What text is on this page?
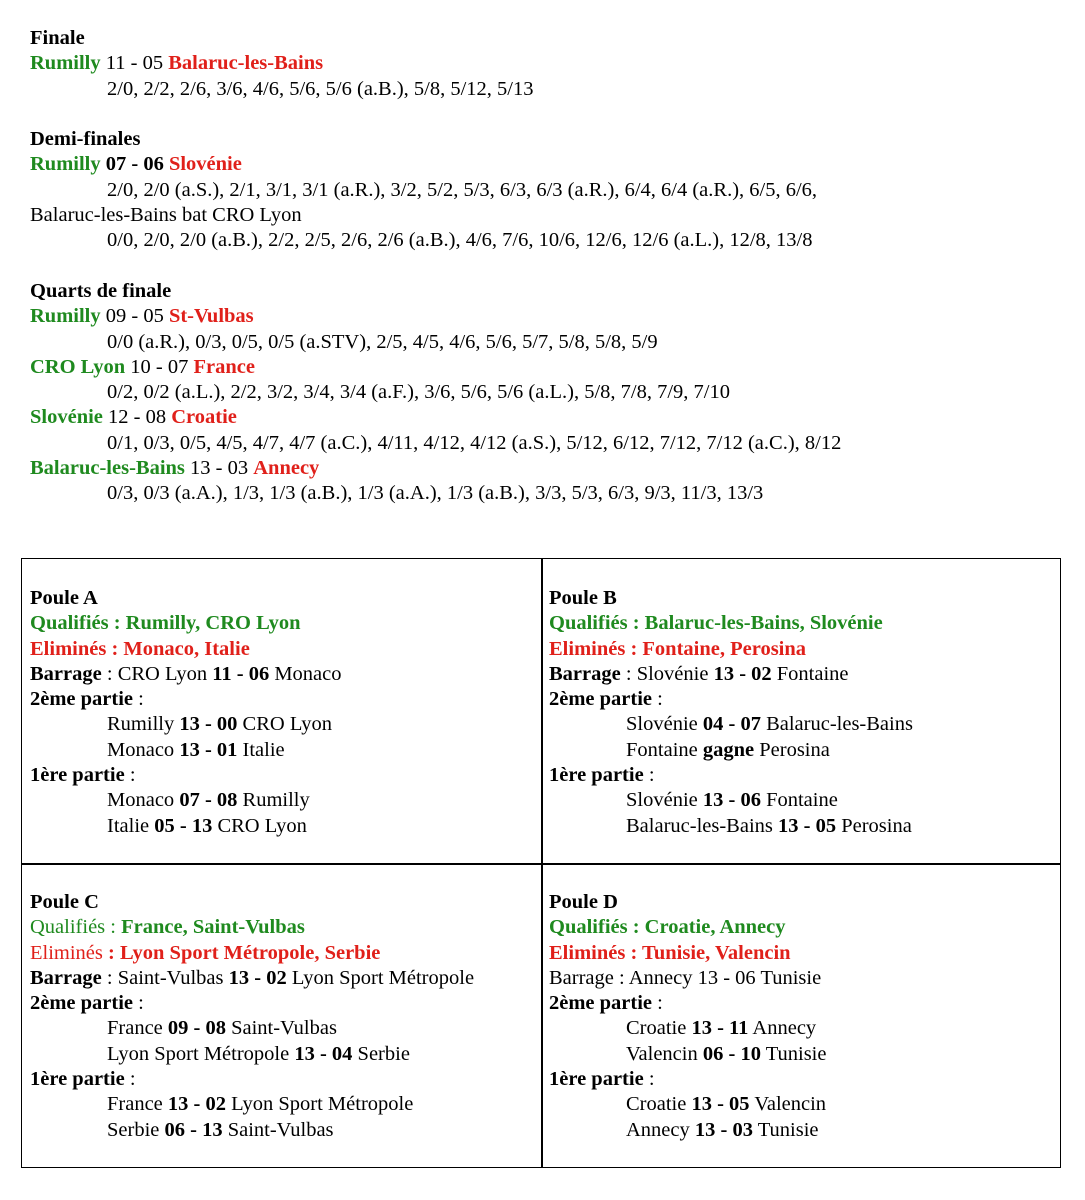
Finale
Rumilly 11 - 05 Balaruc-les-Bains
2/0, 2/2, 2/6, 3/6, 4/6, 5/6, 5/6 (a.B.), 5/8, 5/12, 5/13
Demi-finales
Rumilly 07 - 06 Slovénie
2/0, 2/0 (a.S.), 2/1, 3/1, 3/1 (a.R.), 3/2, 5/2, 5/3, 6/3, 6/3 (a.R.), 6/4, 6/4 (a.R.), 6/5, 6/6,
Balaruc-les-Bains bat CRO Lyon
0/0, 2/0, 2/0 (a.B.), 2/2, 2/5, 2/6, 2/6 (a.B.), 4/6, 7/6, 10/6, 12/6, 12/6 (a.L.), 12/8, 13/8
Quarts de finale
Rumilly 09 - 05 St-Vulbas
0/0 (a.R.), 0/3, 0/5, 0/5 (a.STV), 2/5, 4/5, 4/6, 5/6, 5/7, 5/8, 5/8, 5/9
CRO Lyon 10 - 07 France
0/2, 0/2 (a.L.), 2/2, 3/2, 3/4, 3/4 (a.F.), 3/6, 5/6, 5/6 (a.L.), 5/8, 7/8, 7/9, 7/10
Slovénie 12 - 08 Croatie
0/1, 0/3, 0/5, 4/5, 4/7, 4/7 (a.C.), 4/11, 4/12, 4/12 (a.S.), 5/12, 6/12, 7/12, 7/12 (a.C.), 8/12
Balaruc-les-Bains 13 - 03 Annecy
0/3, 0/3 (a.A.), 1/3, 1/3 (a.B.), 1/3 (a.A.), 1/3 (a.B.), 3/3, 5/3, 6/3, 9/3, 11/3, 13/3
Poule A
Qualifiés : Rumilly, CRO Lyon
Eliminés : Monaco, Italie
Barrage : CRO Lyon 11 - 06 Monaco
2ème partie :
Rumilly 13 - 00 CRO Lyon
Monaco 13 - 01 Italie
1ère partie :
Monaco 07 - 08 Rumilly
Italie 05 - 13 CRO Lyon
Poule B
Qualifiés : Balaruc-les-Bains, Slovénie
Eliminés : Fontaine, Perosina
Barrage : Slovénie 13 - 02 Fontaine
2ème partie :
Slovénie 04 - 07 Balaruc-les-Bains
Fontaine gagne Perosina
1ère partie :
Slovénie 13 - 06 Fontaine
Balaruc-les-Bains 13 - 05 Perosina
Poule C
Qualifiés : France, Saint-Vulbas
Eliminés : Lyon Sport Métropole, Serbie
Barrage : Saint-Vulbas 13 - 02 Lyon Sport Métropole
2ème partie :
France 09 - 08 Saint-Vulbas
Lyon Sport Métropole 13 - 04 Serbie
1ère partie :
France 13 - 02 Lyon Sport Métropole
Serbie 06 - 13 Saint-Vulbas
Poule D
Qualifiés : Croatie, Annecy
Eliminés : Tunisie, Valencin
Barrage : Annecy 13 - 06 Tunisie
2ème partie :
Croatie 13 - 11 Annecy
Valencin 06 - 10 Tunisie
1ère partie :
Croatie 13 - 05 Valencin
Annecy 13 - 03 Tunisie
